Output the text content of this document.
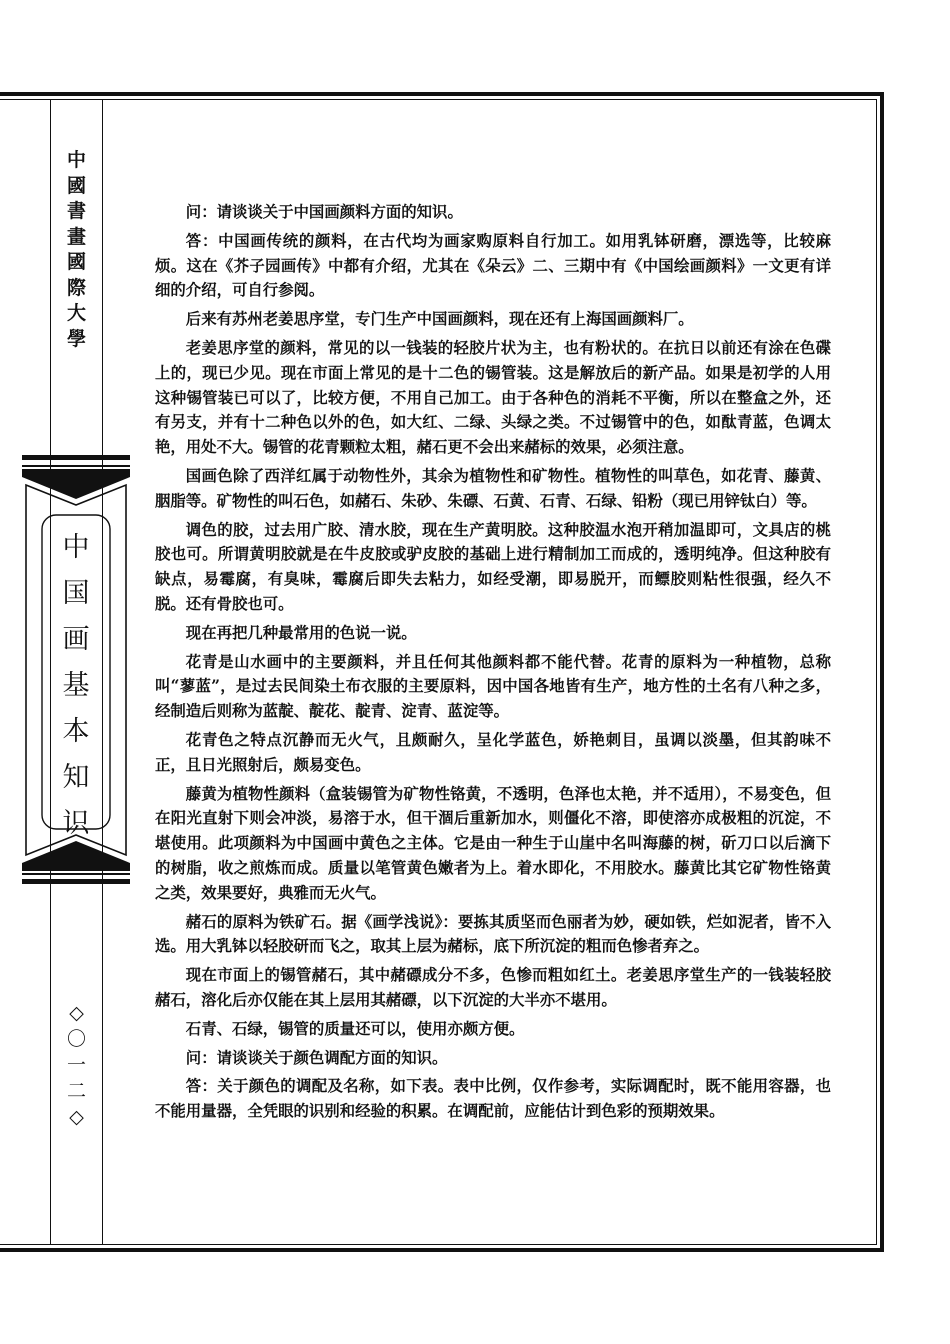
中
國
書
畫
國
際
大
學
中
国
画
基
本
知
识
◇
〇
一
二
◇

问：请谈谈关于中国画颜料方面的知识。

答：中国画传统的颜料，在古代均为画家购原料自行加工。如用乳钵研磨，漂选等，比较麻烦。这在《芥子园画传》中都有介绍，尤其在《朵云》二、三期中有《中国绘画颜料》一文更有详细的介绍，可自行参阅。

后来有苏州老姜思序堂，专门生产中国画颜料，现在还有上海国画颜料厂。

老姜思序堂的颜料，常见的以一钱装的轻胶片状为主，也有粉状的。在抗日以前还有涂在色碟上的，现已少见。现在市面上常见的是十二色的锡管装。这是解放后的新产品。如果是初学的人用这种锡管装已可以了，比较方便，不用自己加工。由于各种色的消耗不平衡，所以在整盒之外，还有另支，并有十二种色以外的色，如大红、二绿、头绿之类。不过锡管中的色，如酞青蓝，色调太艳，用处不大。锡管的花青颗粒太粗，赭石更不会出来赭标的效果，必须注意。

国画色除了西洋红属于动物性外，其余为植物性和矿物性。植物性的叫草色，如花青、藤黄、胭脂等。矿物性的叫石色，如赭石、朱砂、朱磦、石黄、石青、石绿、铅粉（现已用锌钛白）等。

调色的胶，过去用广胶、清水胶，现在生产黄明胶。这种胶温水泡开稍加温即可，文具店的桃胶也可。所谓黄明胶就是在牛皮胶或驴皮胶的基础上进行精制加工而成的，透明纯净。但这种胶有缺点，易霉腐，有臭味，霉腐后即失去粘力，如经受潮，即易脱开，而鳔胶则粘性很强，经久不脱。还有骨胶也可。

现在再把几种最常用的色说一说。

花青是山水画中的主要颜料，并且任何其他颜料都不能代替。花青的原料为一种植物，总称叫“蓼蓝”，是过去民间染土布衣服的主要原料，因中国各地皆有生产，地方性的土名有八种之多，经制造后则称为蓝靛、靛花、靛青、淀青、蓝淀等。

花青色之特点沉静而无火气，且颇耐久，呈化学蓝色，娇艳刺目，虽调以淡墨，但其韵味不正，且日光照射后，颇易变色。

藤黄为植物性颜料（盒装锡管为矿物性铬黄，不透明，色泽也太艳，并不适用），不易变色，但在阳光直射下则会冲淡，易溶于水，但干涸后重新加水，则僵化不溶，即使溶亦成极粗的沉淀，不堪使用。此项颜料为中国画中黄色之主体。它是由一种生于山崖中名叫海藤的树，斫刀口以后滴下的树脂，收之煎炼而成。质量以笔管黄色嫩者为上。着水即化，不用胶水。藤黄比其它矿物性铬黄之类，效果要好，典雅而无火气。

赭石的原料为铁矿石。据《画学浅说》：要拣其质坚而色丽者为妙，硬如铁，烂如泥者，皆不入选。用大乳钵以轻胶研而飞之，取其上层为赭标，底下所沉淀的粗而色惨者弃之。

现在市面上的锡管赭石，其中赭磦成分不多，色惨而粗如红土。老姜思序堂生产的一钱装轻胶赭石，溶化后亦仅能在其上层用其赭磦，以下沉淀的大半亦不堪用。

石青、石绿，锡管的质量还可以，使用亦颇方便。

问：请谈谈关于颜色调配方面的知识。

答：关于颜色的调配及名称，如下表。表中比例，仅作参考，实际调配时，既不能用容器，也不能用量器，全凭眼的识别和经验的积累。在调配前，应能估计到色彩的预期效果。
